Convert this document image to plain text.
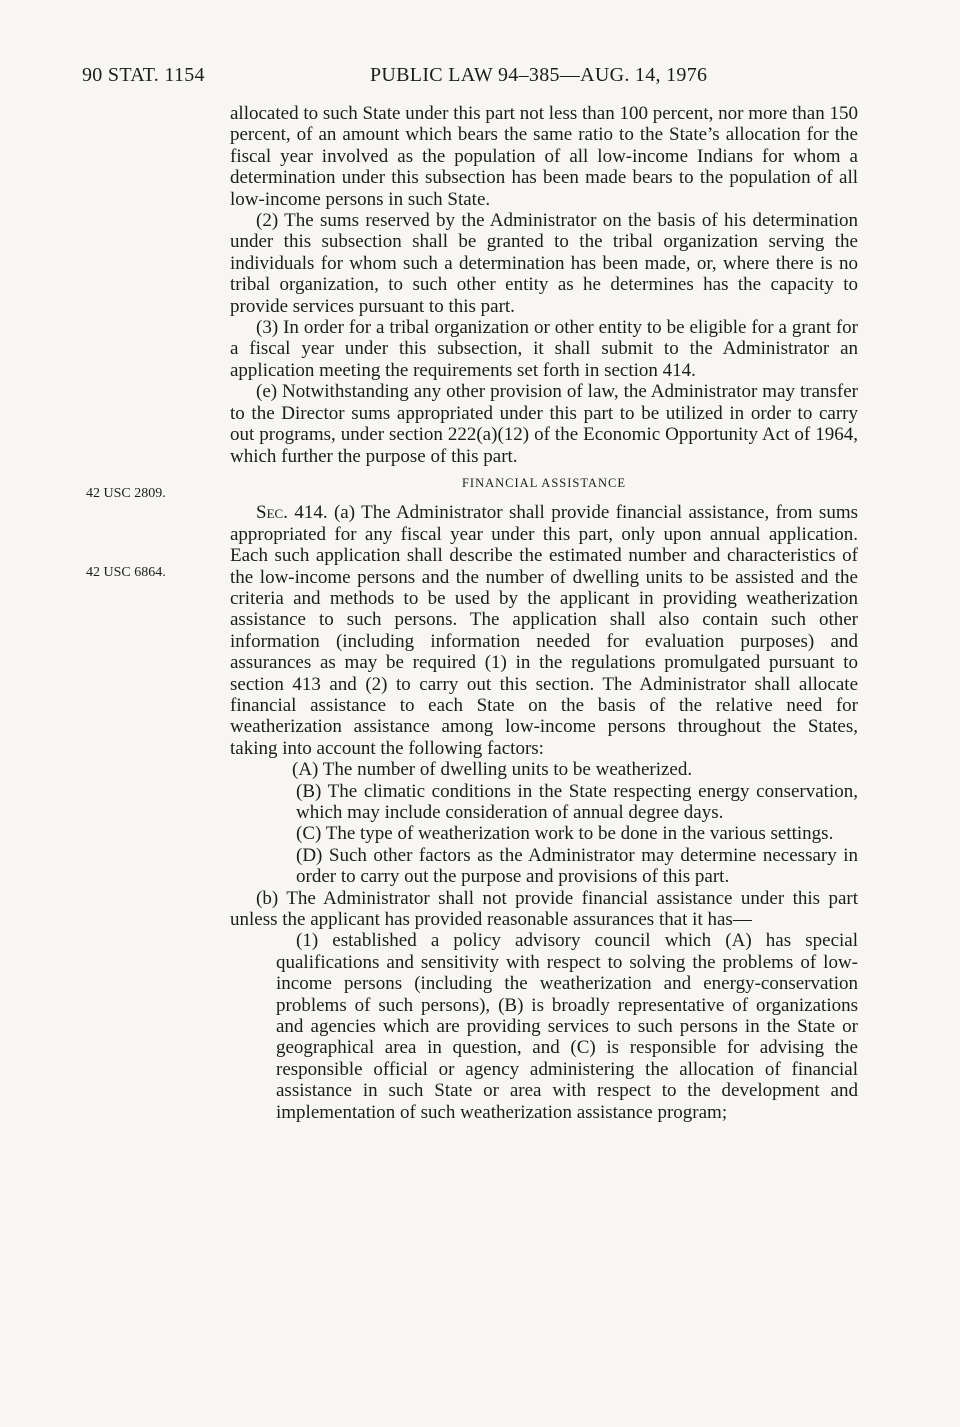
90 STAT. 1154	PUBLIC LAW 94–385—AUG. 14, 1976
42 USC 2809.
42 USC 6864.

allocated to such State under this part not less than 100 percent, nor more than 150 percent, of an amount which bears the same ratio to the State’s allocation for the fiscal year involved as the population of all low-income Indians for whom a determination under this subsection has been made bears to the population of all low-income persons in such State.

(2) The sums reserved by the Administrator on the basis of his determination under this subsection shall be granted to the tribal organization serving the individuals for whom such a determination has been made, or, where there is no tribal organization, to such other entity as he determines has the capacity to provide services pursuant to this part.

(3) In order for a tribal organization or other entity to be eligible for a grant for a fiscal year under this subsection, it shall submit to the Administrator an application meeting the requirements set forth in section 414.

(e) Notwithstanding any other provision of law, the Administrator may transfer to the Director sums appropriated under this part to be utilized in order to carry out programs, under section 222(a)(12) of the Economic Opportunity Act of 1964, which further the purpose of this part.

FINANCIAL ASSISTANCE

Sec. 414. (a) The Administrator shall provide financial assistance, from sums appropriated for any fiscal year under this part, only upon annual application. Each such application shall describe the estimated number and characteristics of the low-income persons and the number of dwelling units to be assisted and the criteria and methods to be used by the applicant in providing weatherization assistance to such persons. The application shall also contain such other information (including information needed for evaluation purposes) and assurances as may be required (1) in the regulations promulgated pursuant to section 413 and (2) to carry out this section. The Administrator shall allocate financial assistance to each State on the basis of the relative need for weatherization assistance among low-income persons throughout the States, taking into account the following factors:

(A) The number of dwelling units to be weatherized.

(B) The climatic conditions in the State respecting energy conservation, which may include consideration of annual degree days.

(C) The type of weatherization work to be done in the various settings.

(D) Such other factors as the Administrator may determine necessary in order to carry out the purpose and provisions of this part.

(b) The Administrator shall not provide financial assistance under this part unless the applicant has provided reasonable assurances that it has—

(1) established a policy advisory council which (A) has special qualifications and sensitivity with respect to solving the problems of low-income persons (including the weatherization and energy-conservation problems of such persons), (B) is broadly representative of organizations and agencies which are providing services to such persons in the State or geographical area in question, and (C) is responsible for advising the responsible official or agency administering the allocation of financial assistance in such State or area with respect to the development and implementation of such weatherization assistance program;
